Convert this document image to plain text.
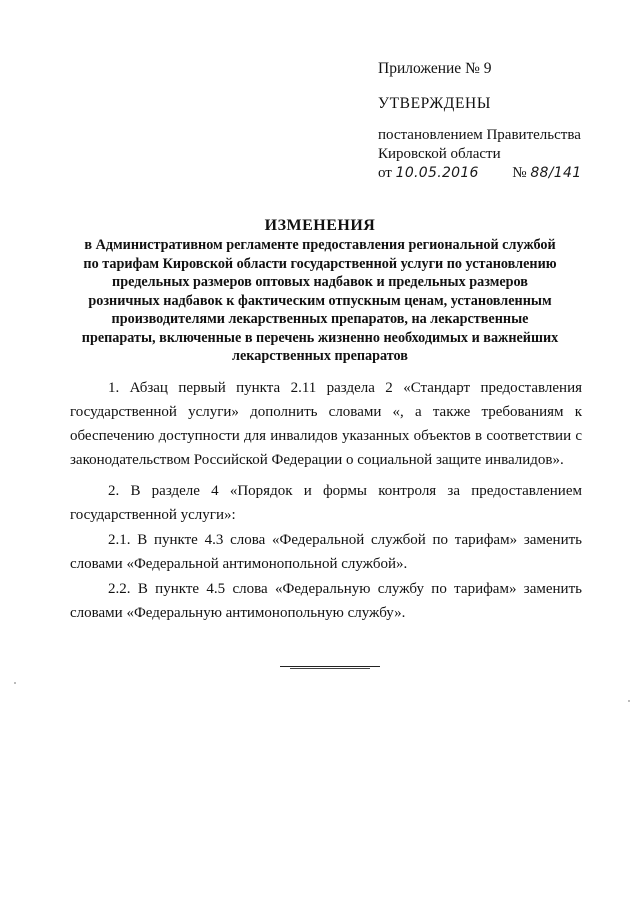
Приложение № 9
УТВЕРЖДЕНЫ
постановлением Правительства
Кировской области
от 10.05.2016 № 88/141
ИЗМЕНЕНИЯ
в Административном регламенте предоставления региональной службой
по тарифам Кировской области государственной услуги по установлению
предельных размеров оптовых надбавок и предельных размеров
розничных надбавок к фактическим отпускным ценам, установленным
производителями лекарственных препаратов, на лекарственные
препараты, включенные в перечень жизненно необходимых и важнейших
лекарственных препаратов
1. Абзац первый пункта 2.11 раздела 2 «Стандарт предоставления государственной услуги» дополнить словами «, а также требованиям к обеспечению доступности для инвалидов указанных объектов в соответствии с законодательством Российской Федерации о социальной защите инвалидов».
2. В разделе 4 «Порядок и формы контроля за предоставлением государственной услуги»:
2.1. В пункте 4.3 слова «Федеральной службой по тарифам» заменить словами «Федеральной антимонопольной службой».
2.2. В пункте 4.5 слова «Федеральную службу по тарифам» заменить словами «Федеральную антимонопольную службу».
